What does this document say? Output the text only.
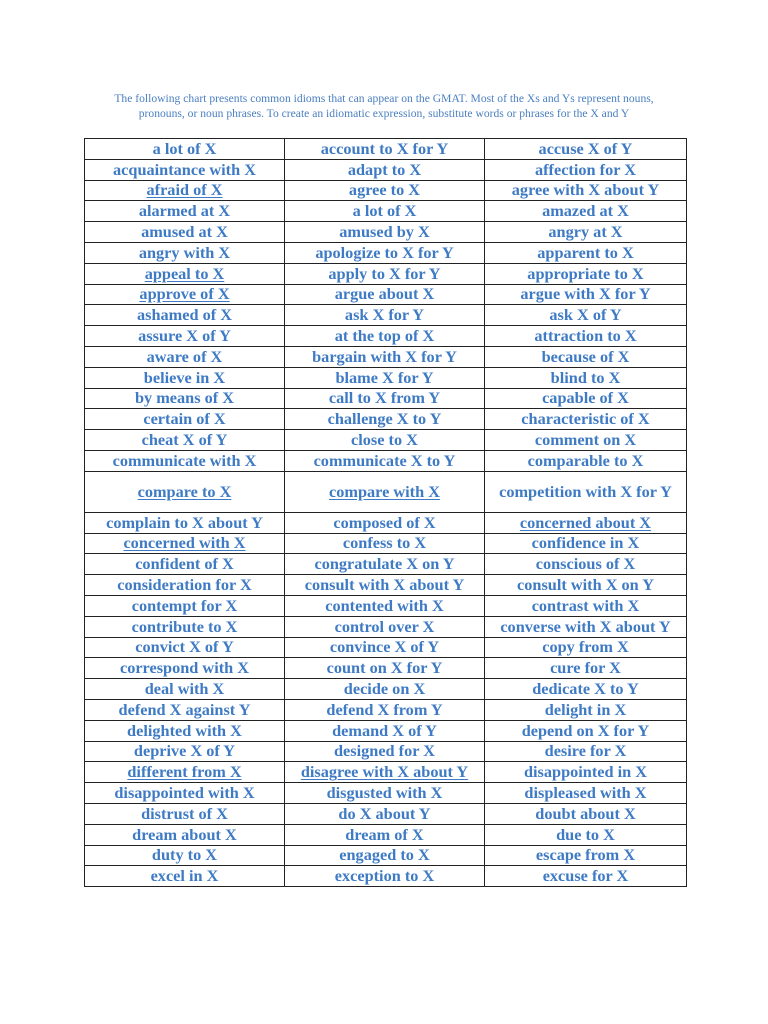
The following chart presents common idioms that can appear on the GMAT. Most of the Xs and Ys represent nouns,
pronouns, or noun phrases. To create an idiomatic expression, substitute words or phrases for the X and Y

a lot of X	account to X for Y	accuse X of Y
acquaintance with X	adapt to X	affection for X
afraid of X	agree to X	agree with X about Y
alarmed at X	a lot of X	amazed at X
amused at X	amused by X	angry at X
angry with X	apologize to X for Y	apparent to X
appeal to X	apply to X for Y	appropriate to X
approve of X	argue about X	argue with X for Y
ashamed of X	ask X for Y	ask X of Y
assure X of Y	at the top of X	attraction to X
aware of X	bargain with X for Y	because of X
believe in X	blame X for Y	blind to X
by means of X	call to X from Y	capable of X
certain of X	challenge X to Y	characteristic of X
cheat X of Y	close to X	comment on X
communicate with X	communicate X to Y	comparable to X
compare to X	compare with X	competition with X for Y
complain to X about Y	composed of X	concerned about X
concerned with X	confess to X	confidence in X
confident of X	congratulate X on Y	conscious of X
consideration for X	consult with X about Y	consult with X on Y
contempt for X	contented with X	contrast with X
contribute to X	control over X	converse with X about Y
convict X of Y	convince X of Y	copy from X
correspond with X	count on X for Y	cure for X
deal with X	decide on X	dedicate X to Y
defend X against Y	defend X from Y	delight in X
delighted with X	demand X of Y	depend on X for Y
deprive X of Y	designed for X	desire for X
different from X	disagree with X about Y	disappointed in X
disappointed with X	disgusted with X	displeased with X
distrust of X	do X about Y	doubt about X
dream about X	dream of X	due to X
duty to X	engaged to X	escape from X
excel in X	exception to X	excuse for X
